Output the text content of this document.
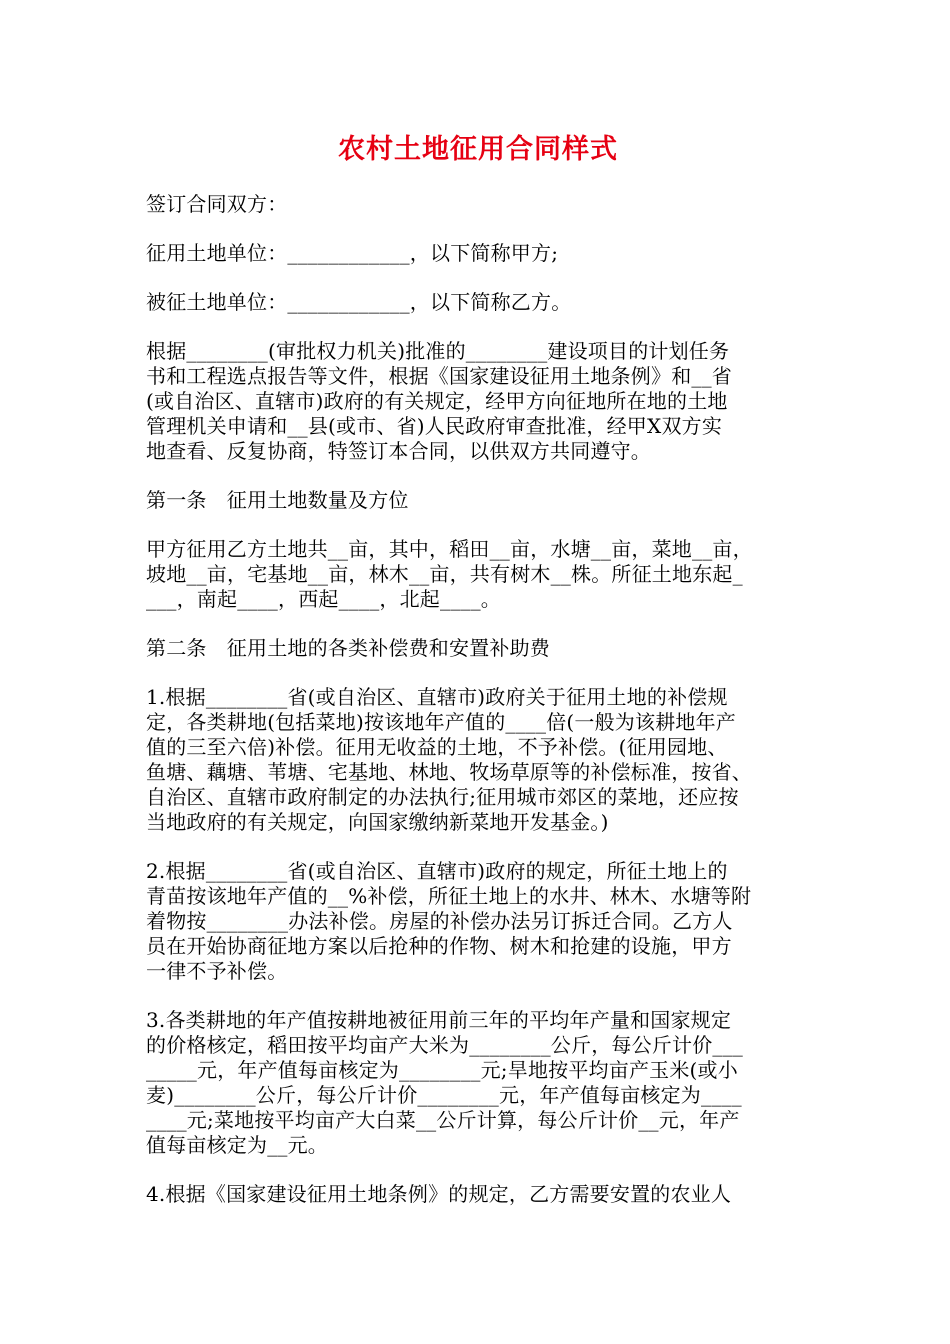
农村土地征用合同样式
签订合同双方：
征用土地单位：____________，以下简称甲方;
被征土地单位：____________，以下简称乙方。
根据________(审批权力机关)批准的________建设项目的计划任务
书和工程选点报告等文件，根据《国家建设征用土地条例》和__省
(或自治区、直辖市)政府的有关规定，经甲方向征地所在地的土地
管理机关申请和__县(或市、省)人民政府审查批准，经甲X双方实
地查看、反复协商，特签订本合同，以供双方共同遵守。
第一条　征用土地数量及方位
甲方征用乙方土地共__亩，其中，稻田__亩，水塘__亩，菜地__亩，
坡地__亩，宅基地__亩，林木__亩，共有树木__株。所征土地东起_
___，南起____，西起____，北起____。
第二条　征用土地的各类补偿费和安置补助费
1.根据________省(或自治区、直辖市)政府关于征用土地的补偿规
定，各类耕地(包括菜地)按该地年产值的____倍(一般为该耕地年产
值的三至六倍)补偿。征用无收益的土地，不予补偿。(征用园地、
鱼塘、藕塘、苇塘、宅基地、林地、牧场草原等的补偿标准，按省、
自治区、直辖市政府制定的办法执行;征用城市郊区的菜地，还应按
当地政府的有关规定，向国家缴纳新菜地开发基金。)
2.根据________省(或自治区、直辖市)政府的规定，所征土地上的
青苗按该地年产值的__%补偿，所征土地上的水井、林木、水塘等附
着物按________办法补偿。房屋的补偿办法另订拆迁合同。乙方人
员在开始协商征地方案以后抢种的作物、树木和抢建的设施，甲方
一律不予补偿。
3.各类耕地的年产值按耕地被征用前三年的平均年产量和国家规定
的价格核定，稻田按平均亩产大米为________公斤，每公斤计价___
_____元，年产值每亩核定为________元;旱地按平均亩产玉米(或小
麦)________公斤，每公斤计价________元，年产值每亩核定为____
____元;菜地按平均亩产大白菜__公斤计算，每公斤计价__元，年产
值每亩核定为__元。
4.根据《国家建设征用土地条例》的规定，乙方需要安置的农业人
